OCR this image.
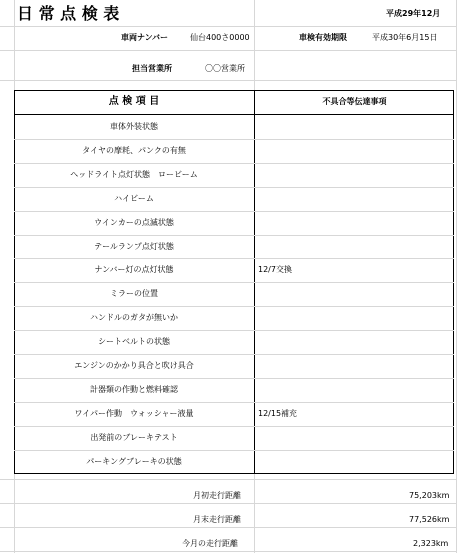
日 常 点 検 表	平成29年12月
車両ナンバー	仙台400さ0000	車検有効期限	平成30年6月15日
担当営業所	〇〇営業所
点 検 項 目	不具合等伝達事項
車体外装状態
タイヤの摩耗、パンクの有無
ヘッドライト点灯状態　ロービーム
ハイビーム
ウインカーの点滅状態
テールランプ点灯状態
ナンバー灯の点灯状態	12/7交換
ミラーの位置
ハンドルのガタが無いか
シートベルトの状態
エンジンのかかり具合と吹け具合
計器類の作動と燃料確認
ワイパー作動　ウォッシャー液量	12/15補充
出発前のブレーキテスト
パーキングブレーキの状態
月初走行距離	75,203km
月末走行距離	77,526km
今月の走行距離	2,323km
